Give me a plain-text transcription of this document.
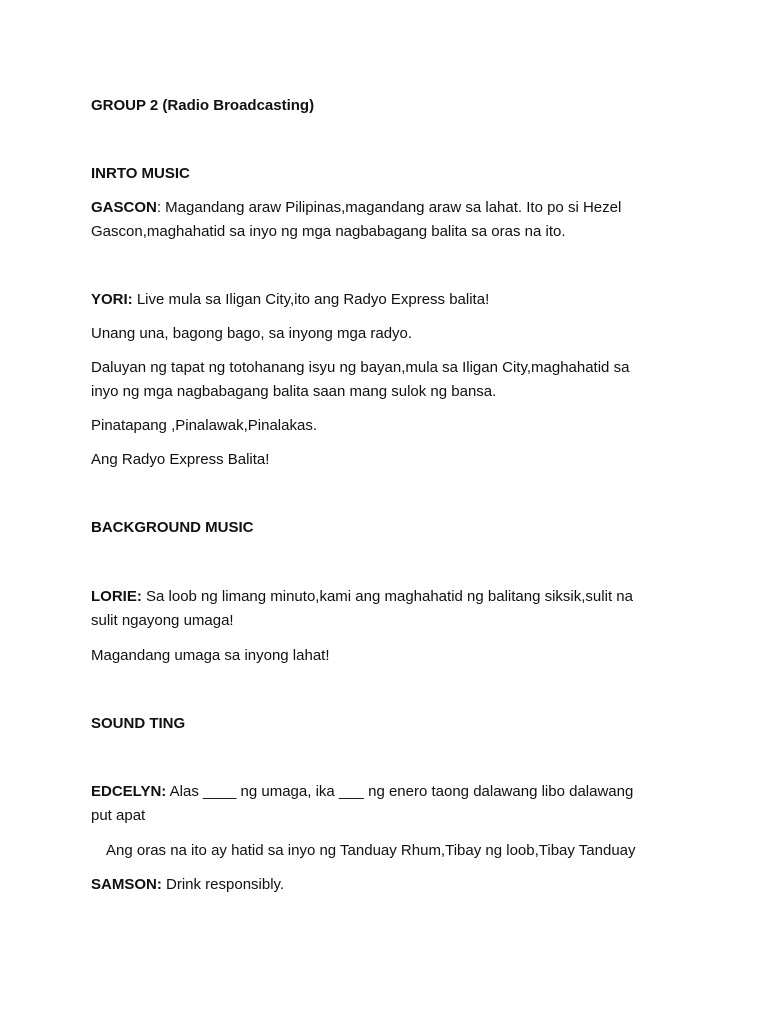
GROUP 2 (Radio Broadcasting)
INRTO MUSIC
GASCON: Magandang araw Pilipinas,magandang araw sa lahat. Ito po si Hezel
Gascon,maghahatid sa inyo ng mga nagbabagang balita sa oras na ito.
YORI: Live mula sa Iligan City,ito ang Radyo Express balita!
Unang una, bagong bago, sa inyong mga radyo.
Daluyan ng tapat ng totohanang isyu ng bayan,mula sa Iligan City,maghahatid sa
inyo ng mga nagbabagang balita saan mang sulok ng bansa.
Pinatapang ,Pinalawak,Pinalakas.
Ang Radyo Express Balita!
BACKGROUND MUSIC
LORIE: Sa loob ng limang minuto,kami ang maghahatid ng balitang siksik,sulit na
sulit ngayong umaga!
Magandang umaga sa inyong lahat!
SOUND TING
EDCELYN: Alas ____ ng umaga, ika ___ ng enero taong dalawang libo dalawang
put apat
Ang oras na ito ay hatid sa inyo ng Tanduay Rhum,Tibay ng loob,Tibay Tanduay
SAMSON: Drink responsibly.
